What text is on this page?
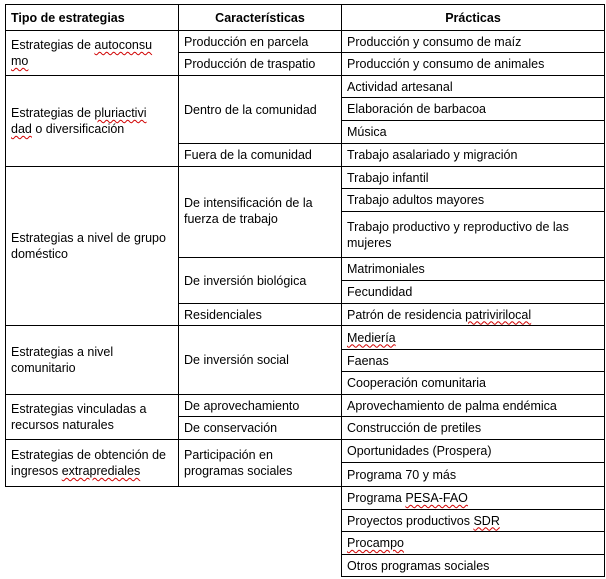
Tipo de estrategias	Características	Prácticas
Estrategias de autoconsu
mo
Estrategias de pluriactivi
dad o diversificación
Estrategias a nivel de grupo doméstico
Estrategias a nivel comunitario
Estrategias vinculadas a recursos naturales
Estrategias de obtención de ingresos extraprediales
Producción en parcela
Producción de traspatio
Dentro de la comunidad
Fuera de la comunidad
De intensificación de la fuerza de trabajo
De inversión biológica
Residenciales
De inversión social
De aprovechamiento
De conservación
Participación en programas sociales
Producción y consumo de maíz
Producción y consumo de animales
Actividad artesanal
Elaboración de barbacoa
Música
Trabajo asalariado y migración
Trabajo infantil
Trabajo adultos mayores
Trabajo productivo y reproductivo de las mujeres
Matrimoniales
Fecundidad
Patrón de residencia patrivirilocal
Mediería
Faenas
Cooperación comunitaria
Aprovechamiento de palma endémica
Construcción de pretiles
Oportunidades (Prospera)
Programa 70 y más
Programa PESA-FAO
Proyectos productivos SDR
Procampo
Otros programas sociales
